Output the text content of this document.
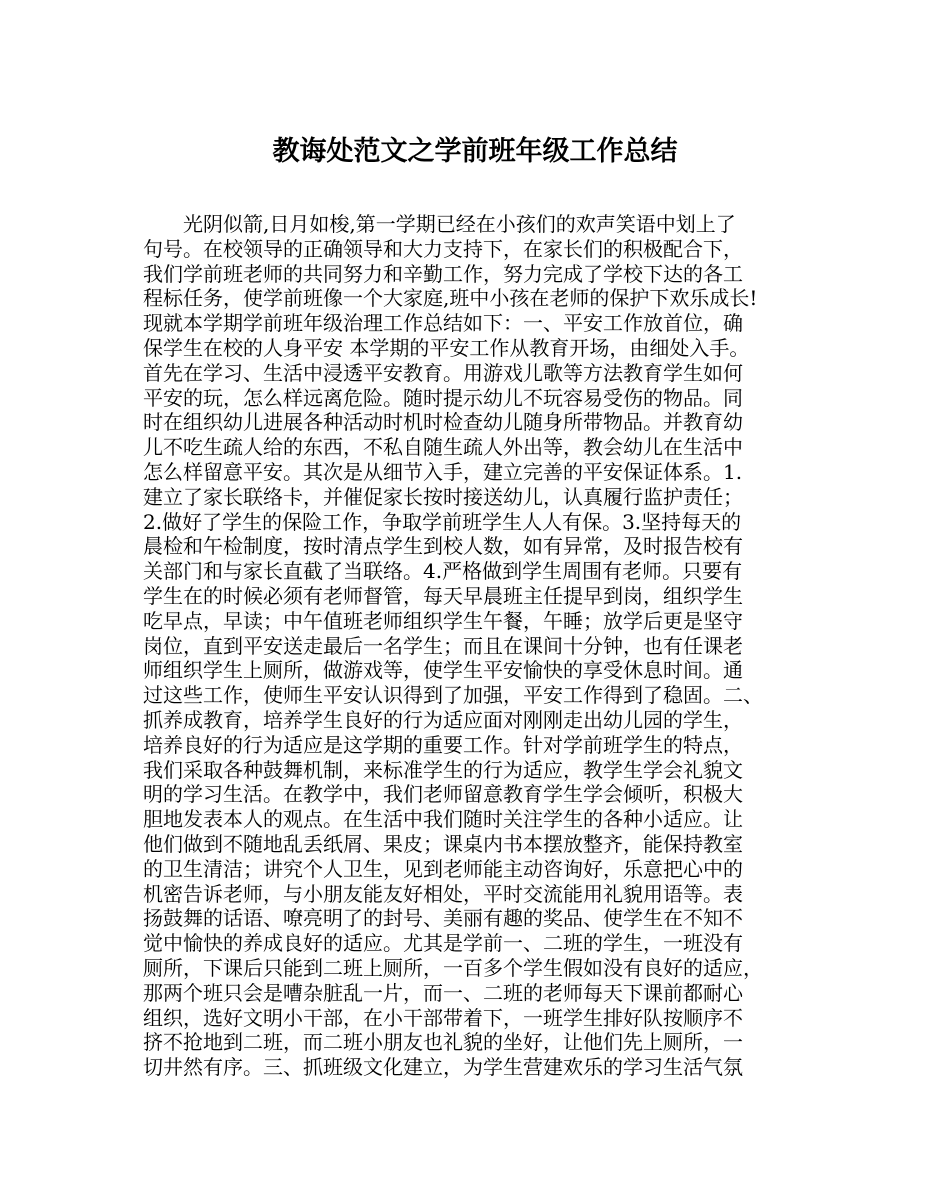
教诲处范文之学前班年级工作总结
　　光阴似箭,日月如梭,第一学期已经在小孩们的欢声笑语中划上了
句号。在校领导的正确领导和大力支持下，在家长们的积极配合下，
我们学前班老师的共同努力和辛勤工作，努力完成了学校下达的各工
程标任务，使学前班像一个大家庭,班中小孩在老师的保护下欢乐成长!
现就本学期学前班年级治理工作总结如下：一、平安工作放首位，确
保学生在校的人身平安 本学期的平安工作从教育开场，由细处入手。
首先在学习、生活中浸透平安教育。用游戏儿歌等方法教育学生如何
平安的玩，怎么样远离危险。随时提示幼儿不玩容易受伤的物品。同
时在组织幼儿进展各种活动时机时检查幼儿随身所带物品。并教育幼
儿不吃生疏人给的东西，不私自随生疏人外出等，教会幼儿在生活中
怎么样留意平安。其次是从细节入手，建立完善的平安保证体系。1.
建立了家长联络卡，并催促家长按时接送幼儿，认真履行监护责任；
2.做好了学生的保险工作，争取学前班学生人人有保。3.坚持每天的
晨检和午检制度，按时清点学生到校人数，如有异常，及时报告校有
关部门和与家长直截了当联络。4.严格做到学生周围有老师。只要有
学生在的时候必须有老师督管，每天早晨班主任提早到岗，组织学生
吃早点，早读；中午值班老师组织学生午餐，午睡；放学后更是坚守
岗位，直到平安送走最后一名学生；而且在课间十分钟，也有任课老
师组织学生上厕所，做游戏等，使学生平安愉快的享受休息时间。通
过这些工作，使师生平安认识得到了加强，平安工作得到了稳固。二、
抓养成教育，培养学生良好的行为适应面对刚刚走出幼儿园的学生，
培养良好的行为适应是这学期的重要工作。针对学前班学生的特点，
我们采取各种鼓舞机制，来标准学生的行为适应，教学生学会礼貌文
明的学习生活。在教学中，我们老师留意教育学生学会倾听，积极大
胆地发表本人的观点。在生活中我们随时关注学生的各种小适应。让
他们做到不随地乱丢纸屑、果皮；课桌内书本摆放整齐，能保持教室
的卫生清洁；讲究个人卫生，见到老师能主动咨询好，乐意把心中的
机密告诉老师，与小朋友能友好相处，平时交流能用礼貌用语等。表
扬鼓舞的话语、嘹亮明了的封号、美丽有趣的奖品、使学生在不知不
觉中愉快的养成良好的适应。尤其是学前一、二班的学生，一班没有
厕所，下课后只能到二班上厕所，一百多个学生假如没有良好的适应，
那两个班只会是嘈杂脏乱一片，而一、二班的老师每天下课前都耐心
组织，选好文明小干部，在小干部带着下，一班学生排好队按顺序不
挤不抢地到二班，而二班小朋友也礼貌的坐好，让他们先上厕所，一
切井然有序。三、抓班级文化建立，为学生营建欢乐的学习生活气氛
